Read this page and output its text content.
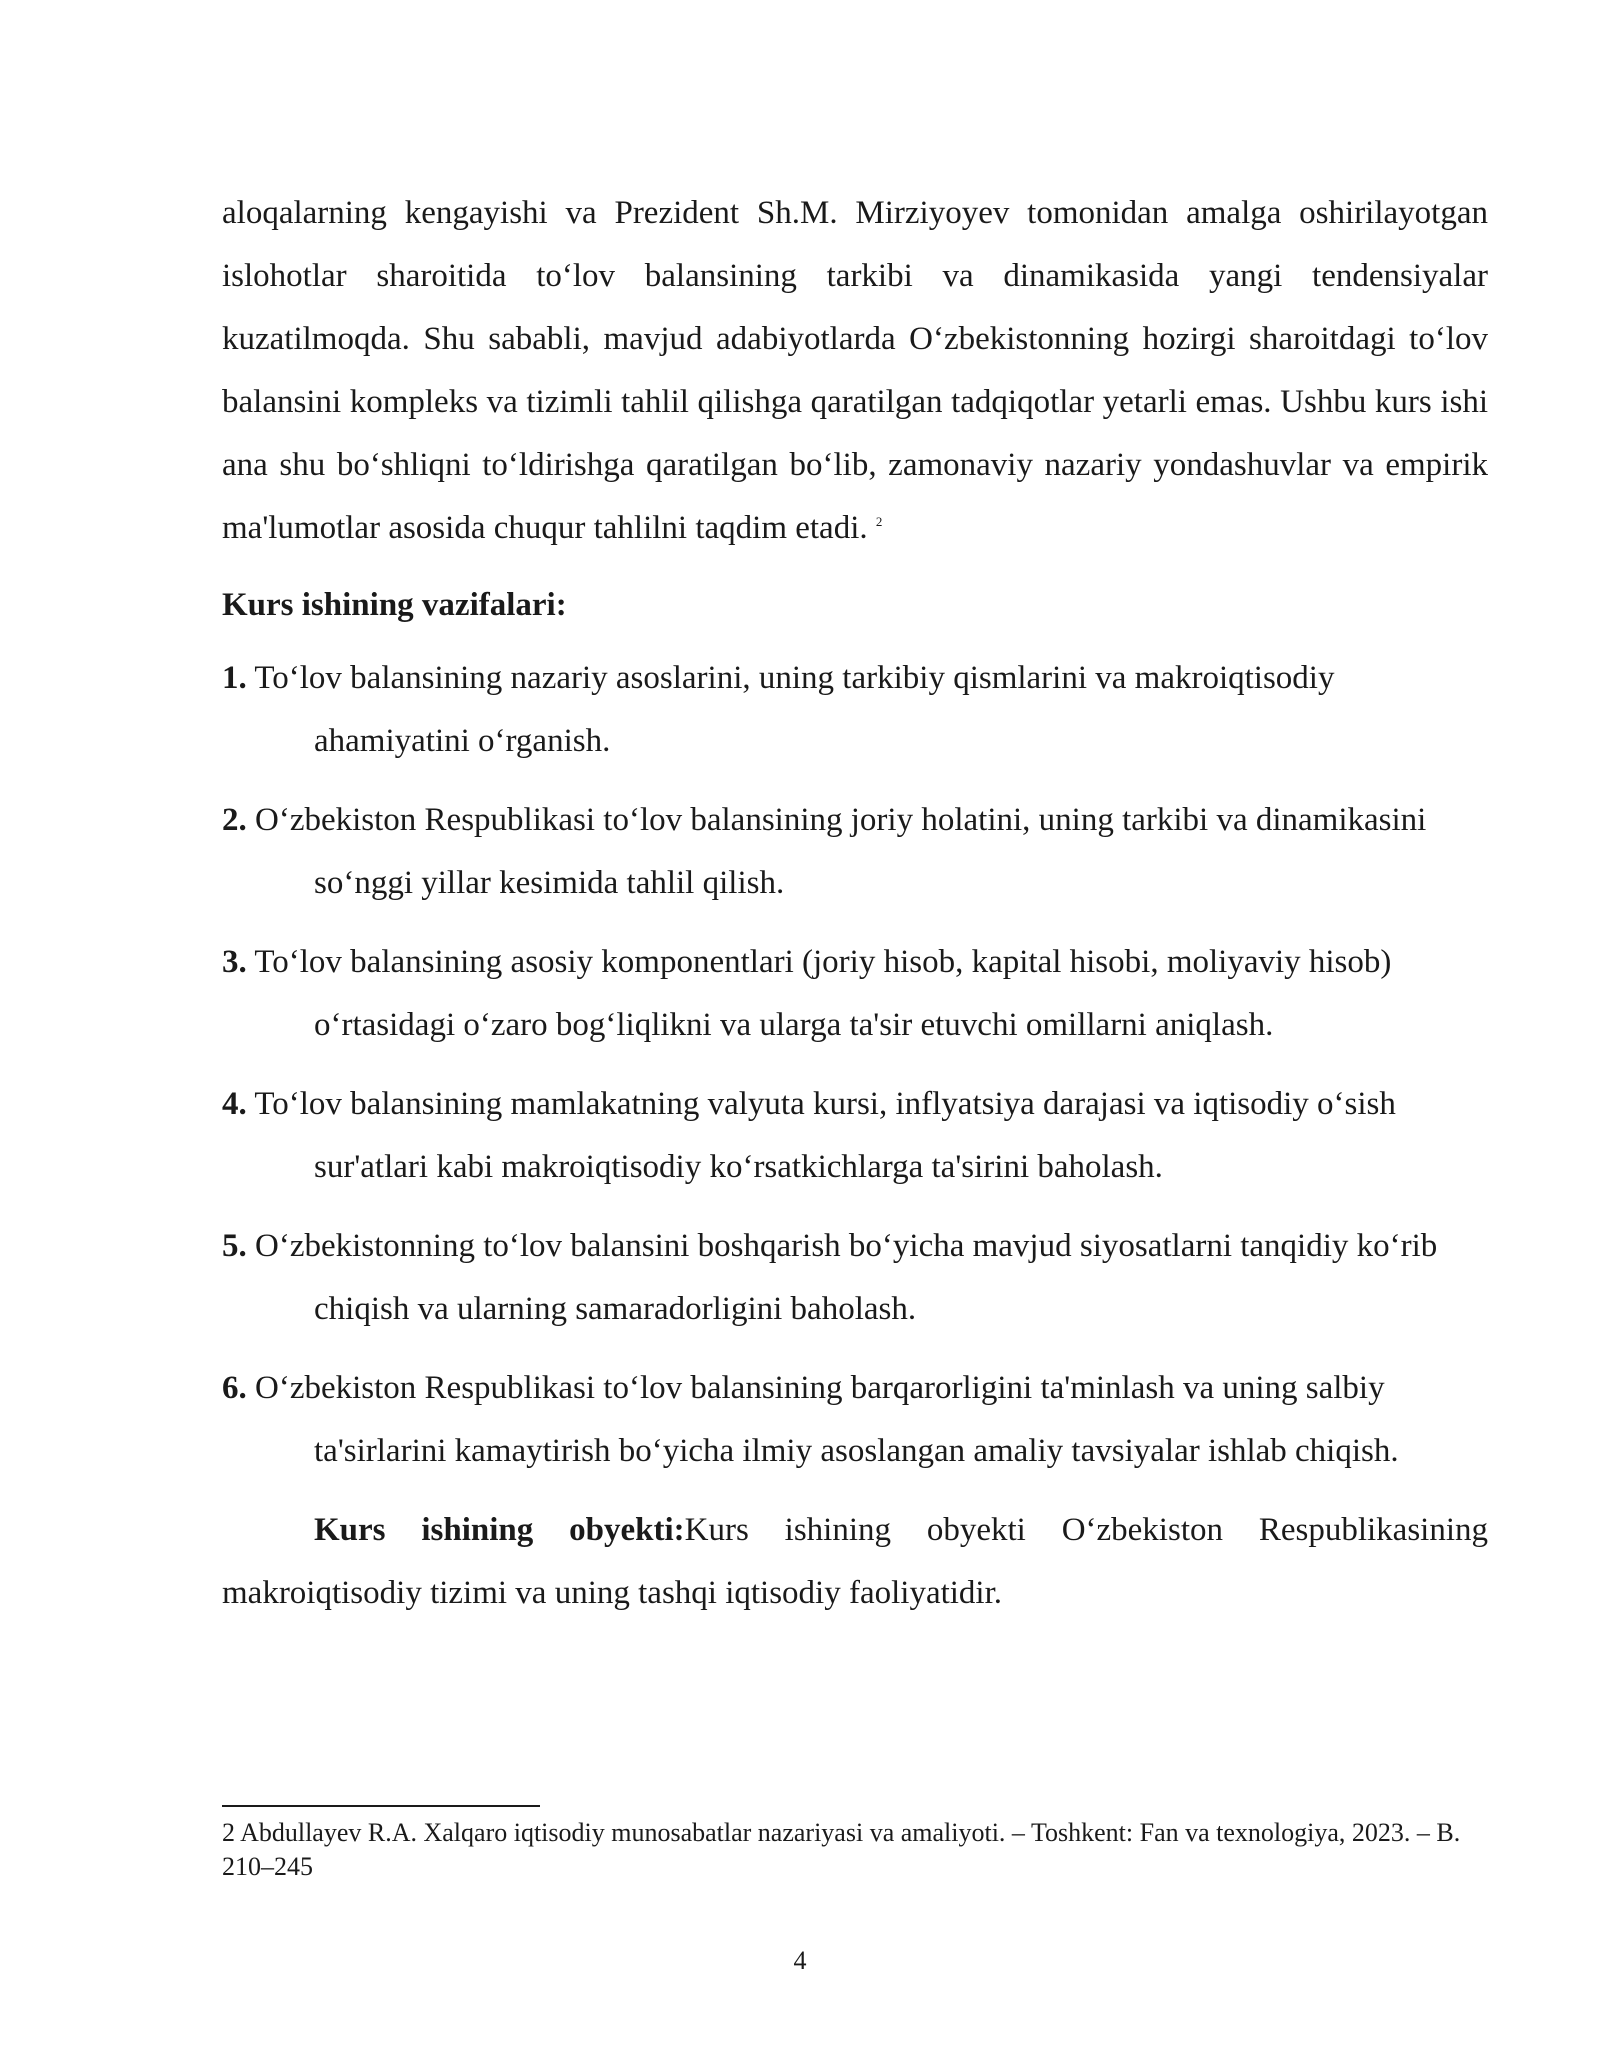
aloqalarning kengayishi va Prezident Sh.M. Mirziyoyev tomonidan amalga oshirilayotgan islohotlar sharoitida to‘lov balansining tarkibi va dinamikasida yangi tendensiyalar kuzatilmoqda. Shu sababli, mavjud adabiyotlarda O‘zbekistonning hozirgi sharoitdagi to‘lov balansini kompleks va tizimli tahlil qilishga qaratilgan tadqiqotlar yetarli emas. Ushbu kurs ishi ana shu bo‘shliqni to‘ldirishga qaratilgan bo‘lib, zamonaviy nazariy yondashuvlar va empirik ma'lumotlar asosida chuqur tahlilni taqdim etadi. $^2$

Kurs ishining vazifalari:

1. To‘lov balansining nazariy asoslarini, uning tarkibiy qismlarini va makroiqtisodiy ahamiyatini o‘rganish.

2. O‘zbekiston Respublikasi to‘lov balansining joriy holatini, uning tarkibi va dinamikasini so‘nggi yillar kesimida tahlil qilish.

3. To‘lov balansining asosiy komponentlari (joriy hisob, kapital hisobi, moliyaviy hisob) o‘rtasidagi o‘zaro bog‘liqlikni va ularga ta'sir etuvchi omillarni aniqlash.

4. To‘lov balansining mamlakatning valyuta kursi, inflyatsiya darajasi va iqtisodiy o‘sish sur'atlari kabi makroiqtisodiy ko‘rsatkichlarga ta'sirini baholash.

5. O‘zbekistonning to‘lov balansini boshqarish bo‘yicha mavjud siyosatlarni tanqidiy ko‘rib chiqish va ularning samaradorligini baholash.

6. O‘zbekiston Respublikasi to‘lov balansining barqarorligini ta'minlash va uning salbiy ta'sirlarini kamaytirish bo‘yicha ilmiy asoslangan amaliy tavsiyalar ishlab chiqish.

Kurs ishining obyekti:Kurs ishining obyekti O‘zbekiston Respublikasining makroiqtisodiy tizimi va uning tashqi iqtisodiy faoliyatidir.

2 Abdullayev R.A. Xalqaro iqtisodiy munosabatlar nazariyasi va amaliyoti. – Toshkent: Fan va texnologiya, 2023. – B. 210–245

4
